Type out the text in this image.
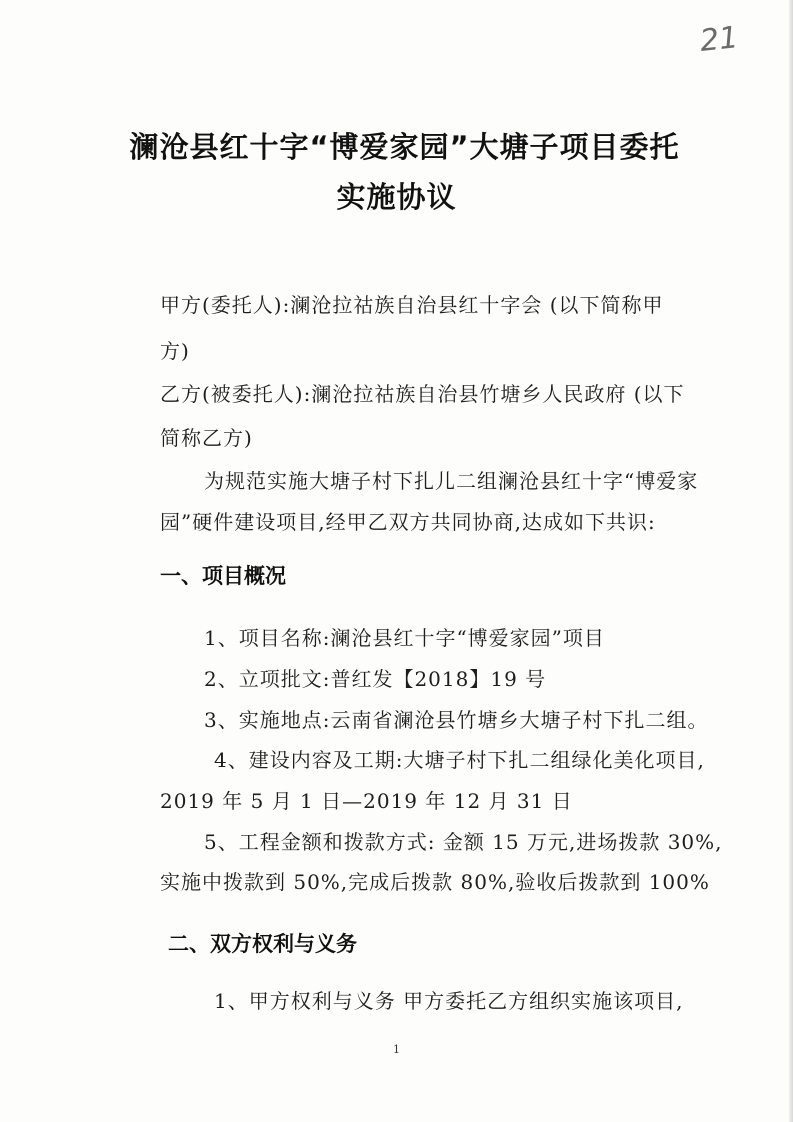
21
澜沧县红十字“博爱家园”大塘子项目委托
实施协议
甲方(委托人):澜沧拉祜族自治县红十字会 (以下简称甲
方)
乙方(被委托人):澜沧拉祜族自治县竹塘乡人民政府 (以下
简称乙方)
为规范实施大塘子村下扎儿二组澜沧县红十字“博爱家
园”硬件建设项目,经甲乙双方共同协商,达成如下共识:
一、项目概况
1、项目名称:澜沧县红十字“博爱家园”项目
2、立项批文:普红发【2018】19 号
3、实施地点:云南省澜沧县竹塘乡大塘子村下扎二组。
4、建设内容及工期:大塘子村下扎二组绿化美化项目,
2019 年 5 月 1 日—2019 年 12 月 31 日
5、工程金额和拨款方式: 金额 15 万元,进场拨款 30%,
实施中拨款到 50%,完成后拨款 80%,验收后拨款到 100%
二、双方权利与义务
1、甲方权利与义务 甲方委托乙方组织实施该项目,
1
